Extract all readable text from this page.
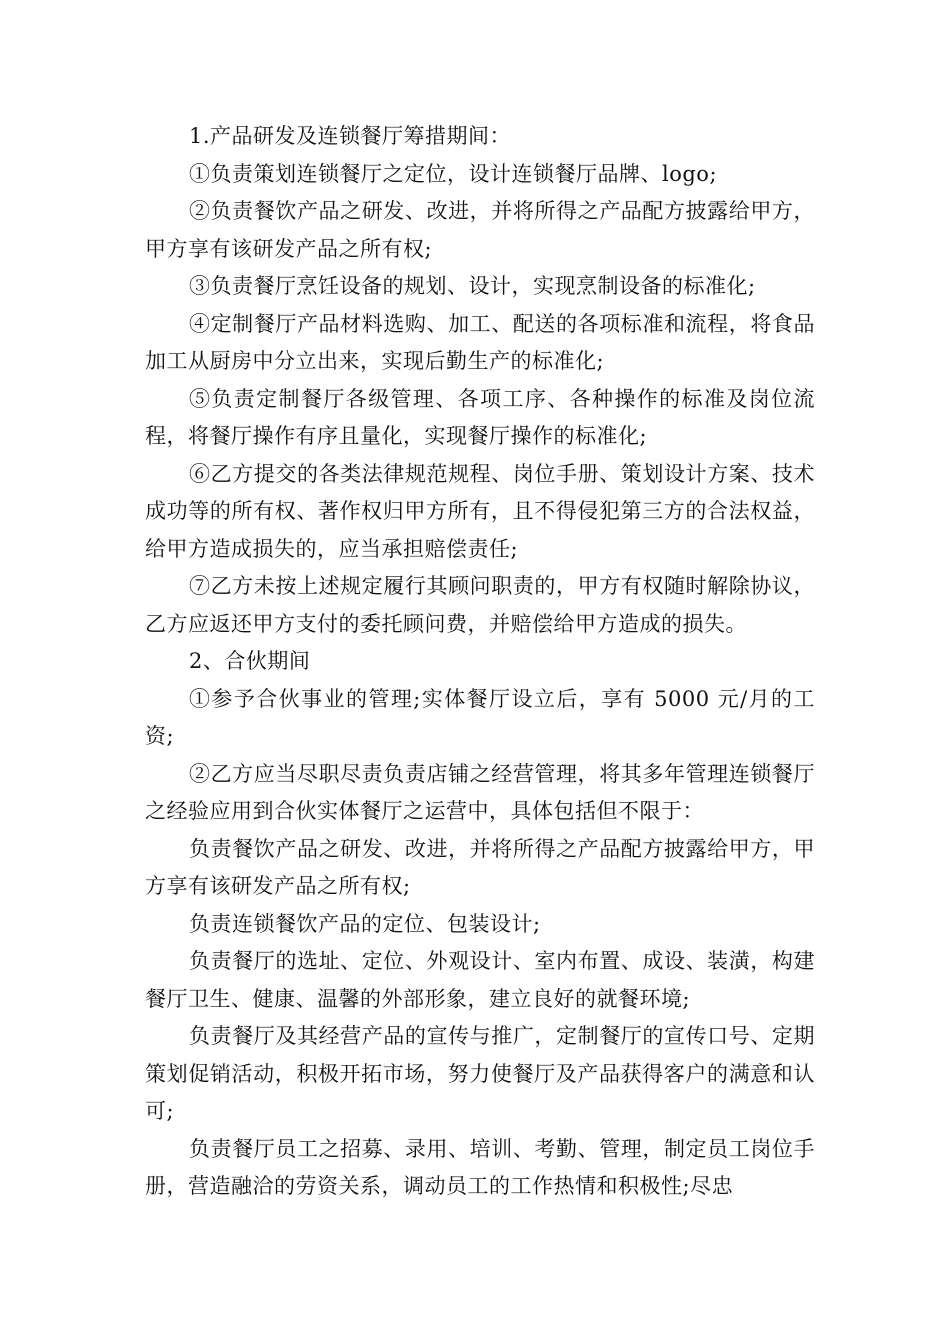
1.产品研发及连锁餐厅筹措期间：

①负责策划连锁餐厅之定位，设计连锁餐厅品牌、logo;

②负责餐饮产品之研发、改进，并将所得之产品配方披露给甲方，甲方享有该研发产品之所有权;

③负责餐厅烹饪设备的规划、设计，实现烹制设备的标准化;

④定制餐厅产品材料选购、加工、配送的各项标准和流程，将食品加工从厨房中分立出来，实现后勤生产的标准化;

⑤负责定制餐厅各级管理、各项工序、各种操作的标准及岗位流程，将餐厅操作有序且量化，实现餐厅操作的标准化;

⑥乙方提交的各类法律规范规程、岗位手册、策划设计方案、技术成功等的所有权、著作权归甲方所有，且不得侵犯第三方的合法权益，给甲方造成损失的，应当承担赔偿责任;

⑦乙方未按上述规定履行其顾问职责的，甲方有权随时解除协议，乙方应返还甲方支付的委托顾问费，并赔偿给甲方造成的损失。

2、合伙期间

①参予合伙事业的管理;实体餐厅设立后，享有 5000 元/月的工资;

②乙方应当尽职尽责负责店铺之经营管理，将其多年管理连锁餐厅之经验应用到合伙实体餐厅之运营中，具体包括但不限于：

负责餐饮产品之研发、改进，并将所得之产品配方披露给甲方，甲方享有该研发产品之所有权;

负责连锁餐饮产品的定位、包装设计;

负责餐厅的选址、定位、外观设计、室内布置、成设、装潢，构建餐厅卫生、健康、温馨的外部形象，建立良好的就餐环境;

负责餐厅及其经营产品的宣传与推广，定制餐厅的宣传口号、定期策划促销活动，积极开拓市场，努力使餐厅及产品获得客户的满意和认可;

负责餐厅员工之招募、录用、培训、考勤、管理，制定员工岗位手册，营造融洽的劳资关系，调动员工的工作热情和积极性;尽忠
